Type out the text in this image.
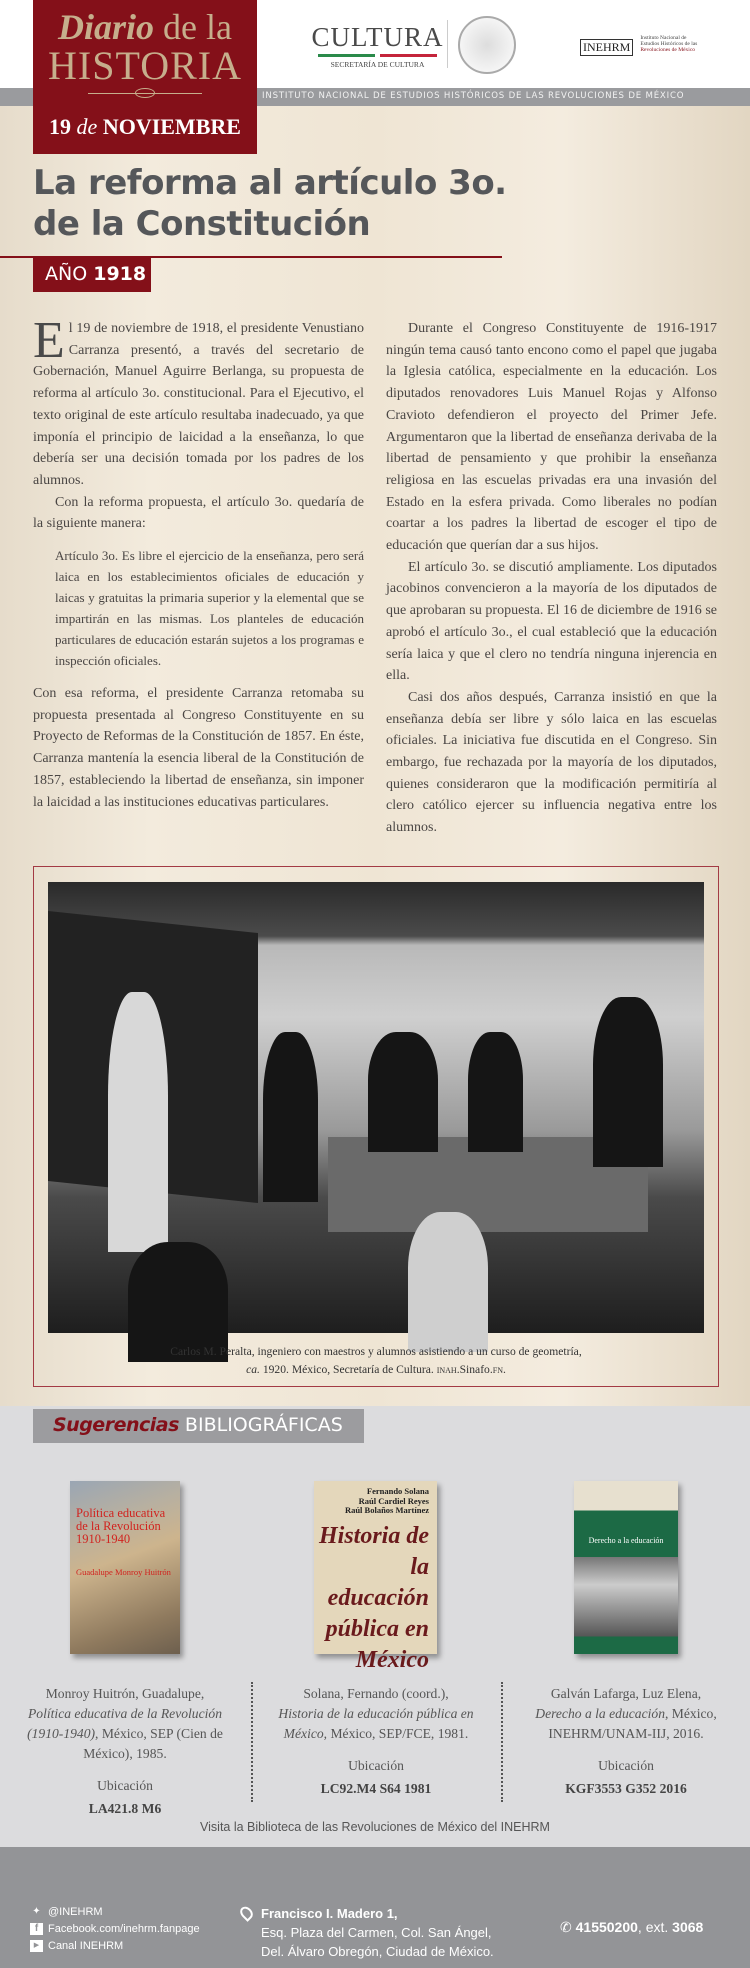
INSTITUTO NACIONAL DE ESTUDIOS HISTÓRICOS DE LAS REVOLUCIONES DE MÉXICO
Diario de la
HISTORIA
19 de NOVIEMBRE
CULTURA
SECRETARÍA DE CULTURA
INEHRM Instituto Nacional de
Estudios Históricos de las
Revoluciones de México
La reforma al artículo 3o.
de la Constitución
AÑO 1918

El 19 de noviembre de 1918, el presidente Venustiano Carranza presentó, a través del secretario de Gobernación, Manuel Aguirre Berlanga, su propuesta de reforma al artículo 3o. constitucional. Para el Ejecutivo, el texto original de este artículo resultaba inadecuado, ya que imponía el principio de laicidad a la enseñanza, lo que debería ser una decisión tomada por los padres de los alumnos.

Con la reforma propuesta, el artículo 3o. quedaría de la siguiente manera:

Artículo 3o. Es libre el ejercicio de la enseñanza, pero será laica en los establecimientos oficiales de educación y laicas y gratuitas la primaria superior y la elemental que se impartirán en las mismas. Los planteles de educación particulares de educación estarán sujetos a los programas e inspección oficiales.

Con esa reforma, el presidente Carranza retomaba su propuesta presentada al Congreso Constituyente en su Proyecto de Reformas de la Constitución de 1857. En éste, Carranza mantenía la esencia liberal de la Constitución de 1857, estableciendo la libertad de enseñanza, sin imponer la laicidad a las instituciones educativas particulares.

Durante el Congreso Constituyente de 1916-1917 ningún tema causó tanto encono como el papel que jugaba la Iglesia católica, especialmente en la educación. Los diputados renovadores Luis Manuel Rojas y Alfonso Cravioto defendieron el proyecto del Primer Jefe. Argumentaron que la libertad de enseñanza derivaba de la libertad de pensamiento y que prohibir la enseñanza religiosa en las escuelas privadas era una invasión del Estado en la esfera privada. Como liberales no podían coartar a los padres la libertad de escoger el tipo de educación que querían dar a sus hijos.

El artículo 3o. se discutió ampliamente. Los diputados jacobinos convencieron a la mayoría de los diputados de que aprobaran su propuesta. El 16 de diciembre de 1916 se aprobó el artículo 3o., el cual estableció que la educación sería laica y que el clero no tendría ninguna injerencia en ella.

Casi dos años después, Carranza insistió en que la enseñanza debía ser libre y sólo laica en las escuelas oficiales. La iniciativa fue discutida en el Congreso. Sin embargo, fue rechazada por la mayoría de los diputados, quienes consideraron que la modificación permitiría al clero católico ejercer su influencia negativa entre los alumnos.

Carlos M. Peralta, ingeniero con maestros y alumnos asistiendo a un curso de geometría,
ca. 1920. México, Secretaría de Cultura. inah.Sinafo.fn.
Sugerencias BIBLIOGRÁFICAS
Política educativa de la Revolución 1910-1940
Guadalupe Monroy Huitrón
Fernando Solana
Raúl Cardiel Reyes
Raúl Bolaños Martínez
Historia de la educación pública en México
Derecho a la educación
Monroy Huitrón, Guadalupe,
Política educativa de la Revolución (1910-1940), México, SEP (Cien de México), 1985.
Ubicación
LA421.8 M6
Solana, Fernando (coord.),
Historia de la educación pública en México, México, SEP/FCE, 1981.
Ubicación
LC92.M4 S64 1981
Galván Lafarga, Luz Elena,
Derecho a la educación, México, INEHRM/UNAM-IIJ, 2016.
Ubicación
KGF3553 G352 2016
Visita la Biblioteca de las Revoluciones de México del INEHRM
✦ @INEHRM
f Facebook.com/inehrm.fanpage
▶ Canal INEHRM
Francisco I. Madero 1,
Esq. Plaza del Carmen, Col. San Ángel,
Del. Álvaro Obregón, Ciudad de México.
✆ 41550200, ext. 3068
